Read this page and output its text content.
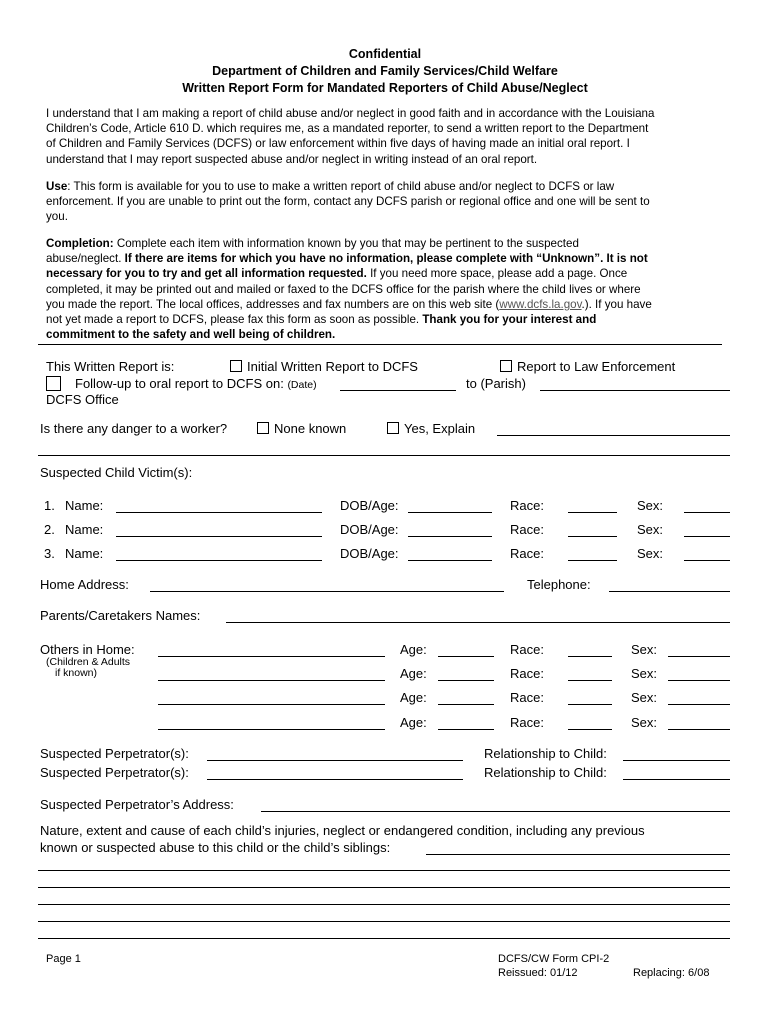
Confidential
Department of Children and Family Services/Child Welfare
Written Report Form for Mandated Reporters of Child Abuse/Neglect
I understand that I am making a report of child abuse and/or neglect in good faith and in accordance with the Louisiana
Children’s Code, Article 610 D. which requires me, as a mandated reporter, to send a written report to the Department
of Children and Family Services (DCFS) or law enforcement within five days of having made an initial oral report. I
understand that I may report suspected abuse and/or neglect in writing instead of an oral report.
Use: This form is available for you to use to make a written report of child abuse and/or neglect to DCFS or law
enforcement. If you are unable to print out the form, contact any DCFS parish or regional office and one will be sent to
you.
Completion: Complete each item with information known by you that may be pertinent to the suspected
abuse/neglect. If there are items for which you have no information, please complete with “Unknown”. It is not
necessary for you to try and get all information requested. If you need more space, please add a page. Once
completed, it may be printed out and mailed or faxed to the DCFS office for the parish where the child lives or where
you made the report. The local offices, addresses and fax numbers are on this web site (www.dcfs.la.gov.). If you have
not yet made a report to DCFS, please fax this form as soon as possible. Thank you for your interest and
commitment to the safety and well being of children.
This Written Report is:	Initial Written Report to DCFS	Report to Law Enforcement
Follow-up to oral report to DCFS on: (Date)	to (Parish)
DCFS Office
Is there any danger to a worker?	None known	Yes, Explain
Suspected Child Victim(s):
1. Name:	DOB/Age:	Race:	Sex:
2. Name:	DOB/Age:	Race:	Sex:
3. Name:	DOB/Age:	Race:	Sex:
Home Address:	Telephone:
Parents/Caretakers Names:
Others in Home:
(Children & Adults
if known)
Age:	Race:	Sex:
Age:	Race:	Sex:
Age:	Race:	Sex:
Age:	Race:	Sex:
Suspected Perpetrator(s):	Relationship to Child:
Suspected Perpetrator(s):	Relationship to Child:
Suspected Perpetrator’s Address:
Nature, extent and cause of each child’s injuries, neglect or endangered condition, including any previous
known or suspected abuse to this child or the child’s siblings:
Page 1	DCFS/CW Form CPI-2
Reissued: 01/12	Replacing: 6/08
